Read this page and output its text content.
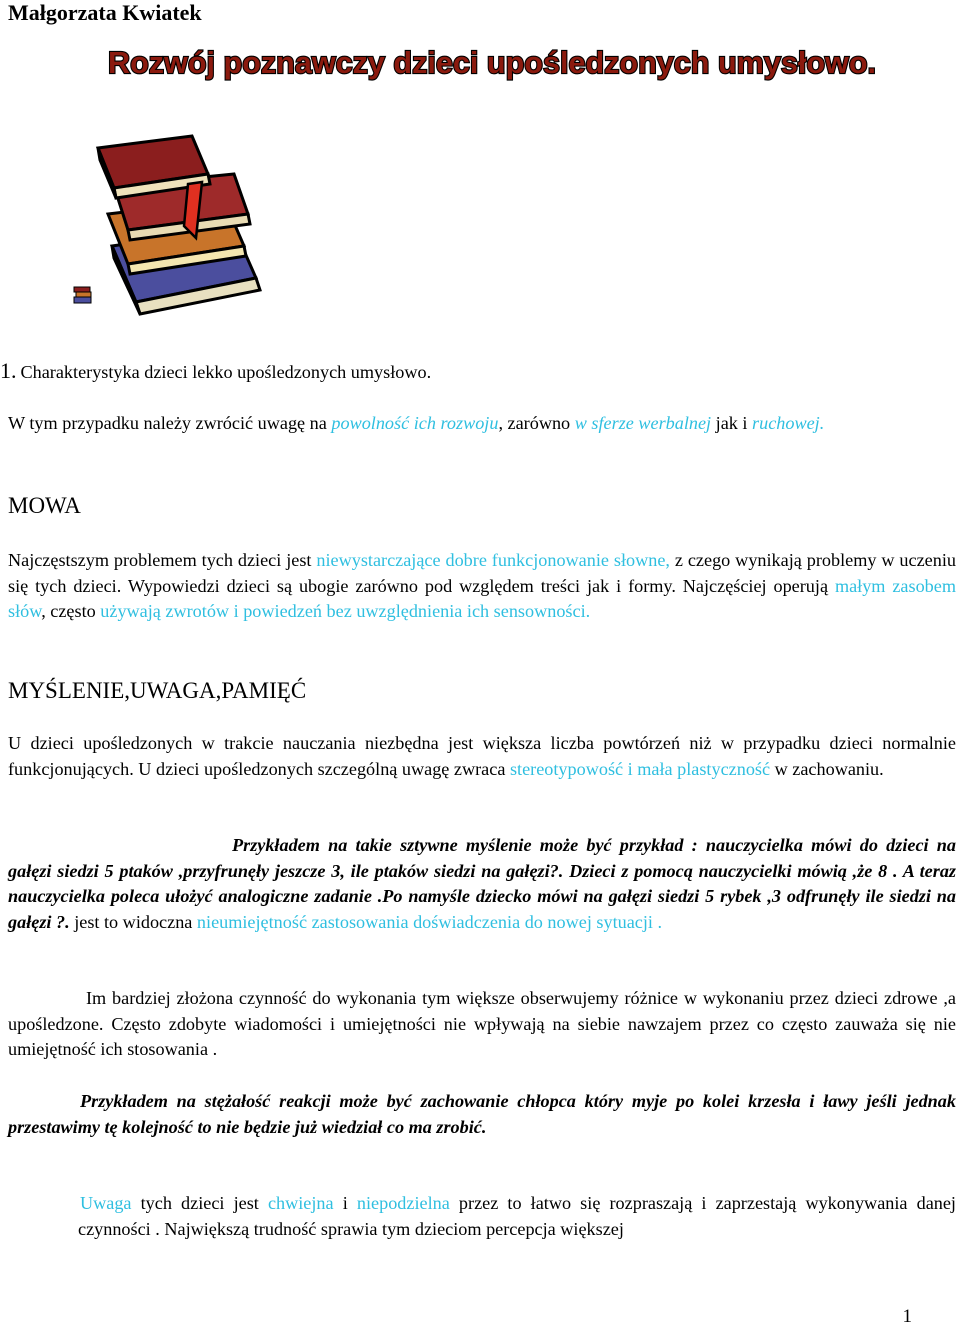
Małgorzata Kwiatek
Rozwój poznawczy dzieci upośledzonych umysłowo.
1. Charakterystyka dzieci lekko upośledzonych umysłowo.
W tym przypadku należy zwrócić uwagę na powolność ich rozwoju, zarówno w sferze werbalnej jak i ruchowej.
MOWA
Najczęstszym problemem tych dzieci jest niewystarczające dobre funkcjonowanie słowne, z czego wynikają problemy w uczeniu się tych dzieci. Wypowiedzi dzieci są ubogie zarówno pod względem treści jak i formy. Najczęściej operują małym zasobem słów, często używają zwrotów i powiedzeń bez uwzględnienia ich sensowności.
MYŚLENIE,UWAGA,PAMIĘĆ
U dzieci upośledzonych w trakcie nauczania niezbędna jest większa liczba powtórzeń niż w przypadku dzieci normalnie funkcjonujących. U dzieci upośledzonych szczególną uwagę zwraca stereotypowość i mała plastyczność w zachowaniu.
Przykładem na takie sztywne myślenie może być przykład : nauczycielka mówi do dzieci na gałęzi siedzi 5 ptaków ,przyfrunęły jeszcze 3, ile ptaków siedzi na gałęzi?. Dzieci z pomocą nauczycielki mówią ,że 8 . A teraz nauczycielka poleca ułożyć analogiczne zadanie .Po namyśle dziecko mówi na gałęzi siedzi 5 rybek ,3 odfrunęły ile siedzi na gałęzi ?. jest to widoczna nieumiejętność zastosowania doświadczenia do nowej sytuacji .
Im bardziej złożona czynność do wykonania tym większe obserwujemy różnice w wykonaniu przez dzieci zdrowe ,a upośledzone. Często zdobyte wiadomości i umiejętności nie wpływają na siebie nawzajem przez co często zauważa się nie umiejętność ich stosowania .
Przykładem na stężałość reakcji może być zachowanie chłopca który myje po kolei krzesła i ławy jeśli jednak przestawimy tę kolejność to nie będzie już wiedział co ma zrobić.
Uwaga tych dzieci jest chwiejna i niepodzielna przez to łatwo się rozpraszają i zaprzestają wykonywania danej czynności . Największą trudność sprawia tym dzieciom percepcja większej
1
